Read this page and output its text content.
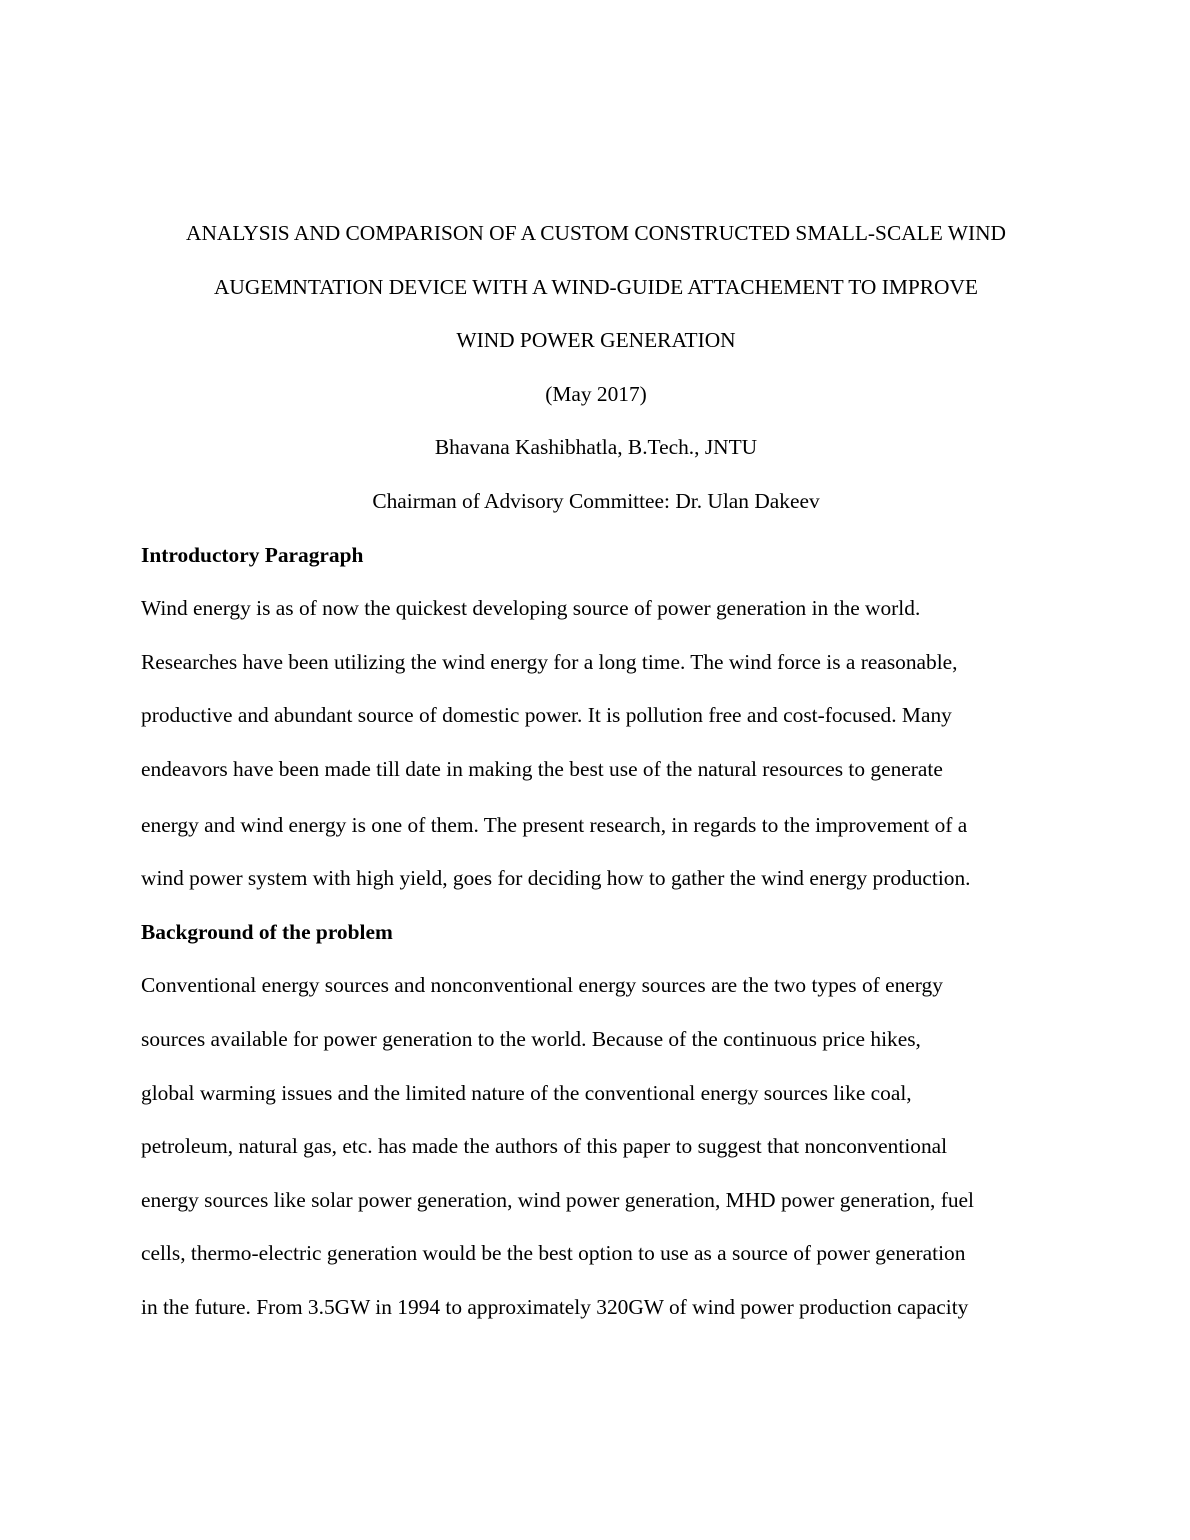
ANALYSIS AND COMPARISON OF A CUSTOM CONSTRUCTED SMALL-SCALE WIND
AUGEMNTATION DEVICE WITH A WIND-GUIDE ATTACHEMENT TO IMPROVE
WIND POWER GENERATION
(May 2017)
Bhavana Kashibhatla, B.Tech., JNTU
Chairman of Advisory Committee: Dr. Ulan Dakeev
Introductory Paragraph
Wind energy is as of now the quickest developing source of power generation in the world.
Researches have been utilizing the wind energy for a long time. The wind force is a reasonable,
productive and abundant source of domestic power. It is pollution free and cost-focused. Many
endeavors have been made till date in making the best use of the natural resources to generate
energy and wind energy is one of them. The present research, in regards to the improvement of a
wind power system with high yield, goes for deciding how to gather the wind energy production.
Background of the problem
Conventional energy sources and nonconventional energy sources are the two types of energy
sources available for power generation to the world. Because of the continuous price hikes,
global warming issues and the limited nature of the conventional energy sources like coal,
petroleum, natural gas, etc. has made the authors of this paper to suggest that nonconventional
energy sources like solar power generation, wind power generation, MHD power generation, fuel
cells, thermo-electric generation would be the best option to use as a source of power generation
in the future. From 3.5GW in 1994 to approximately 320GW of wind power production capacity
